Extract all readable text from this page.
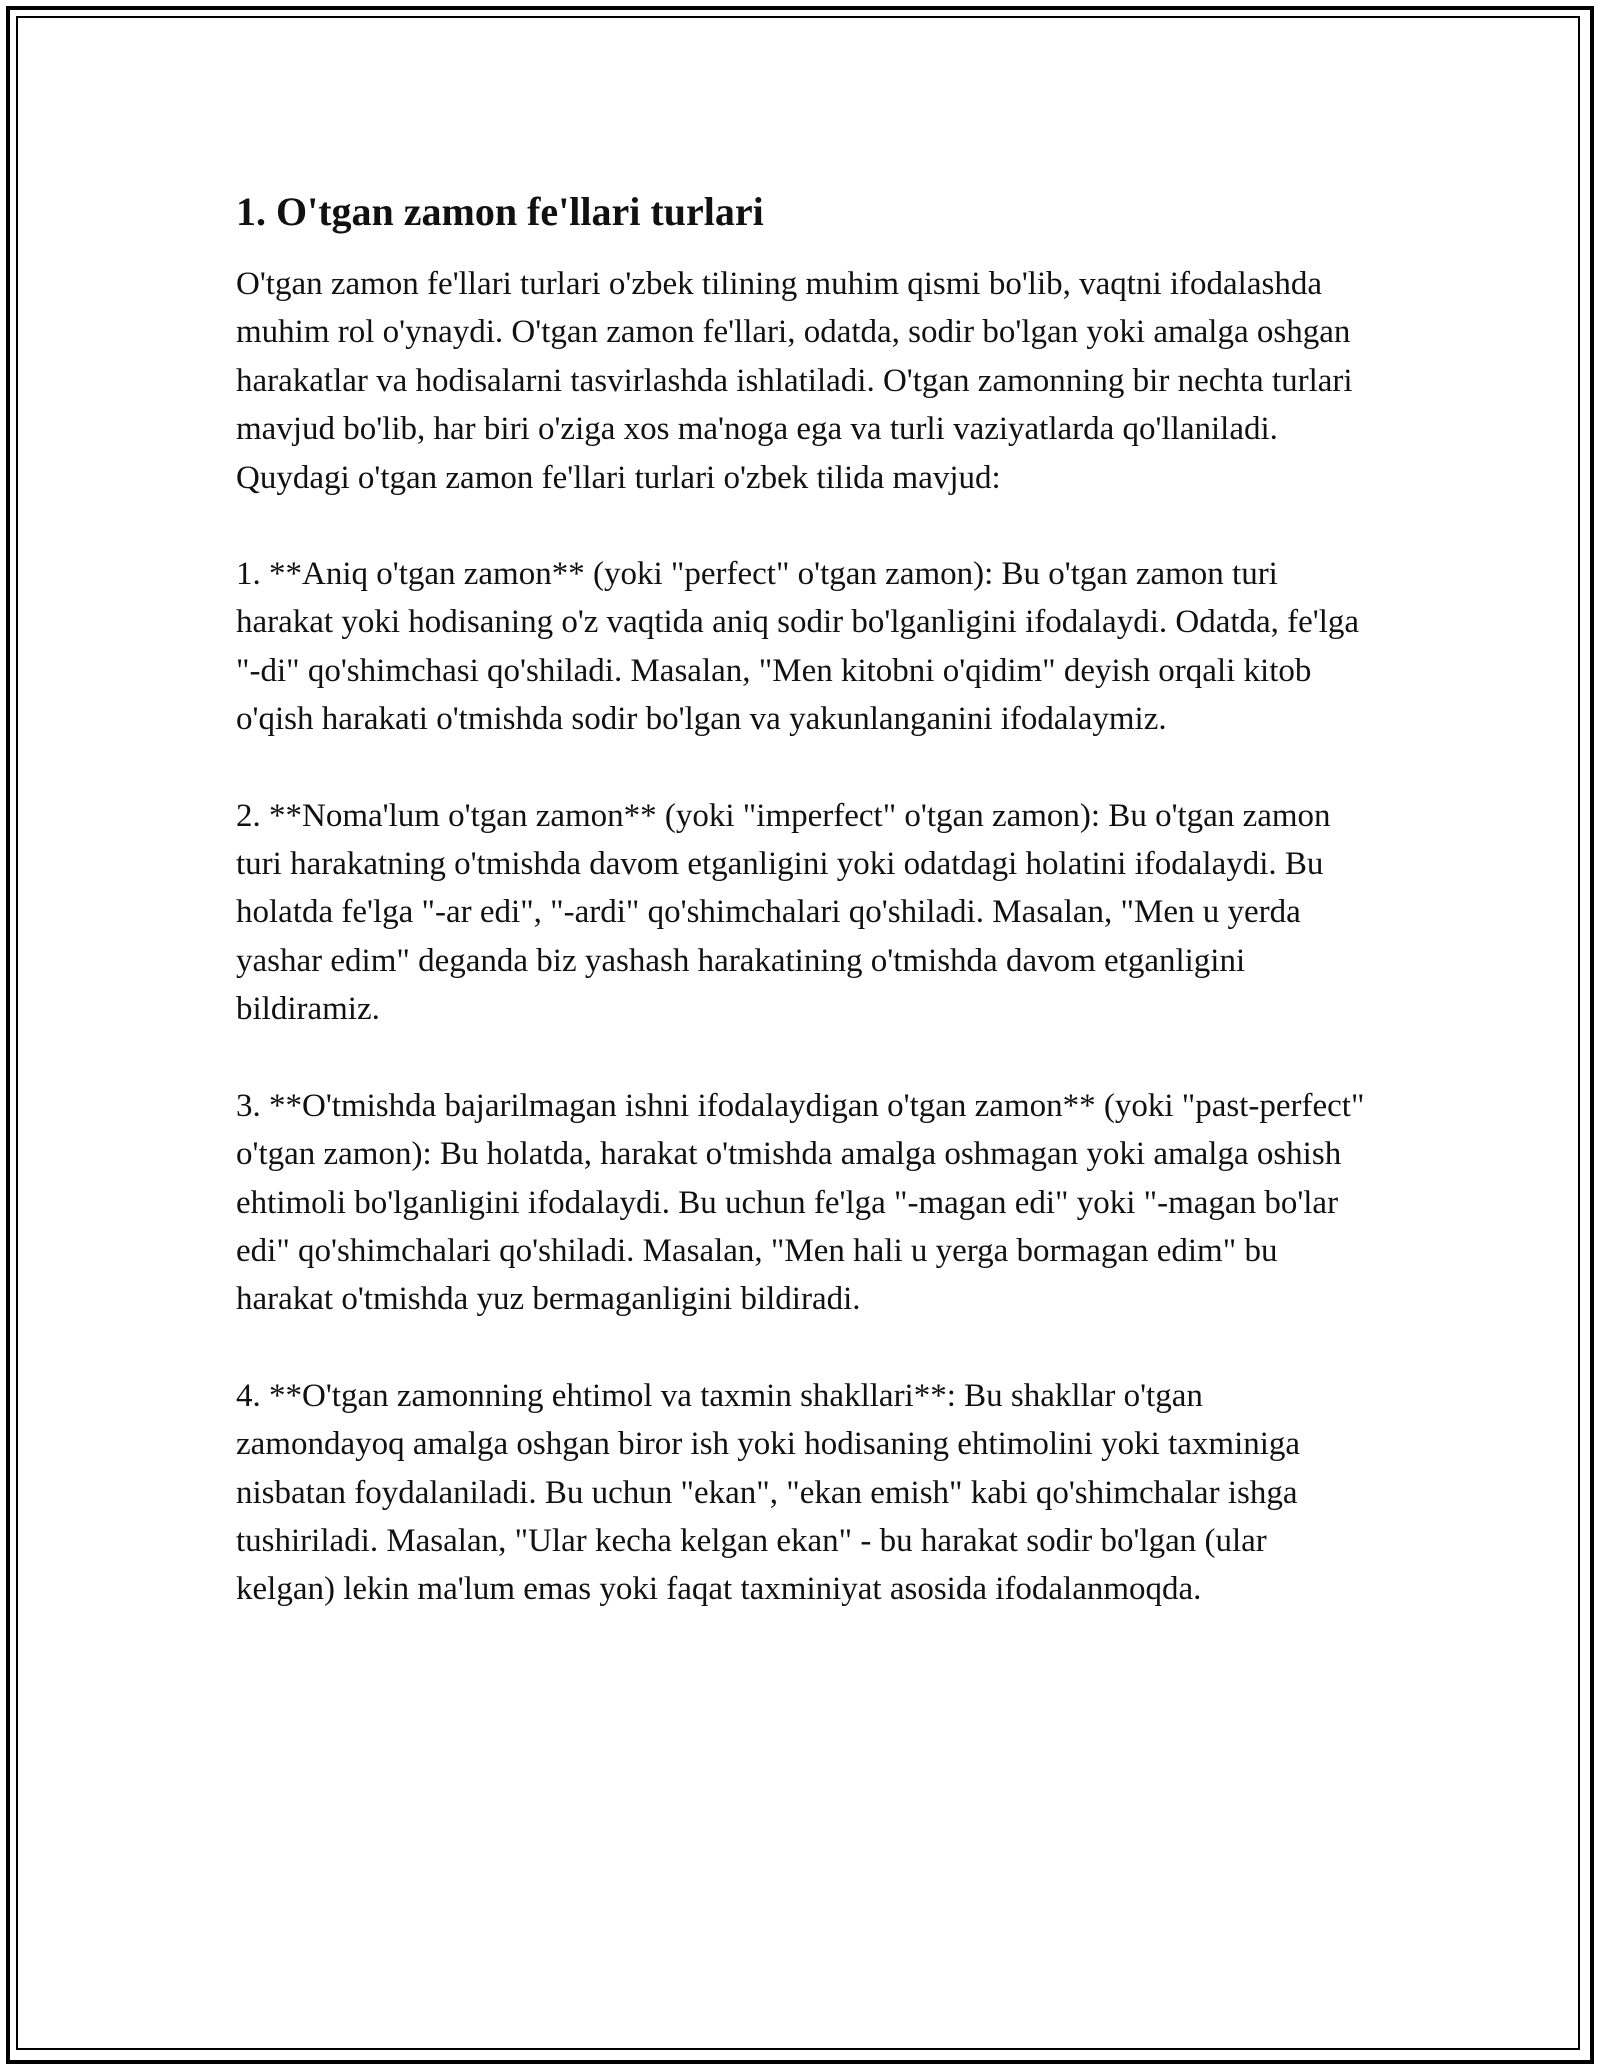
1. O'tgan zamon fe'llari turlari

O'tgan zamon fe'llari turlari o'zbek tilining muhim qismi bo'lib, vaqtni ifodalashda muhim rol o'ynaydi. O'tgan zamon fe'llari, odatda, sodir bo'lgan yoki amalga oshgan harakatlar va hodisalarni tasvirlashda ishlatiladi. O'tgan zamonning bir nechta turlari mavjud bo'lib, har biri o'ziga xos ma'noga ega va turli vaziyatlarda qo'llaniladi. Quydagi o'tgan zamon fe'llari turlari o'zbek tilida mavjud:

1. **Aniq o'tgan zamon** (yoki "perfect" o'tgan zamon): Bu o'tgan zamon turi harakat yoki hodisaning o'z vaqtida aniq sodir bo'lganligini ifodalaydi. Odatda, fe'lga "-di" qo'shimchasi qo'shiladi. Masalan, "Men kitobni o'qidim" deyish orqali kitob o'qish harakati o'tmishda sodir bo'lgan va yakunlanganini ifodalaymiz.

2. **Noma'lum o'tgan zamon** (yoki "imperfect" o'tgan zamon): Bu o'tgan zamon turi harakatning o'tmishda davom etganligini yoki odatdagi holatini ifodalaydi. Bu holatda fe'lga "-ar edi", "-ardi" qo'shimchalari qo'shiladi. Masalan, "Men u yerda yashar edim" deganda biz yashash harakatining o'tmishda davom etganligini bildiramiz.

3. **O'tmishda bajarilmagan ishni ifodalaydigan o'tgan zamon** (yoki "past-perfect" o'tgan zamon): Bu holatda, harakat o'tmishda amalga oshmagan yoki amalga oshish ehtimoli bo'lganligini ifodalaydi. Bu uchun fe'lga "-magan edi" yoki "-magan bo'lar edi" qo'shimchalari qo'shiladi. Masalan, "Men hali u yerga bormagan edim" bu harakat o'tmishda yuz bermaganligini bildiradi.

4. **O'tgan zamonning ehtimol va taxmin shakllari**: Bu shakllar o'tgan zamondayoq amalga oshgan biror ish yoki hodisaning ehtimolini yoki taxminiga nisbatan foydalaniladi. Bu uchun "ekan", "ekan emish" kabi qo'shimchalar ishga tushiriladi. Masalan, "Ular kecha kelgan ekan" - bu harakat sodir bo'lgan (ular kelgan) lekin ma'lum emas yoki faqat taxminiyat asosida ifodalanmoqda.
